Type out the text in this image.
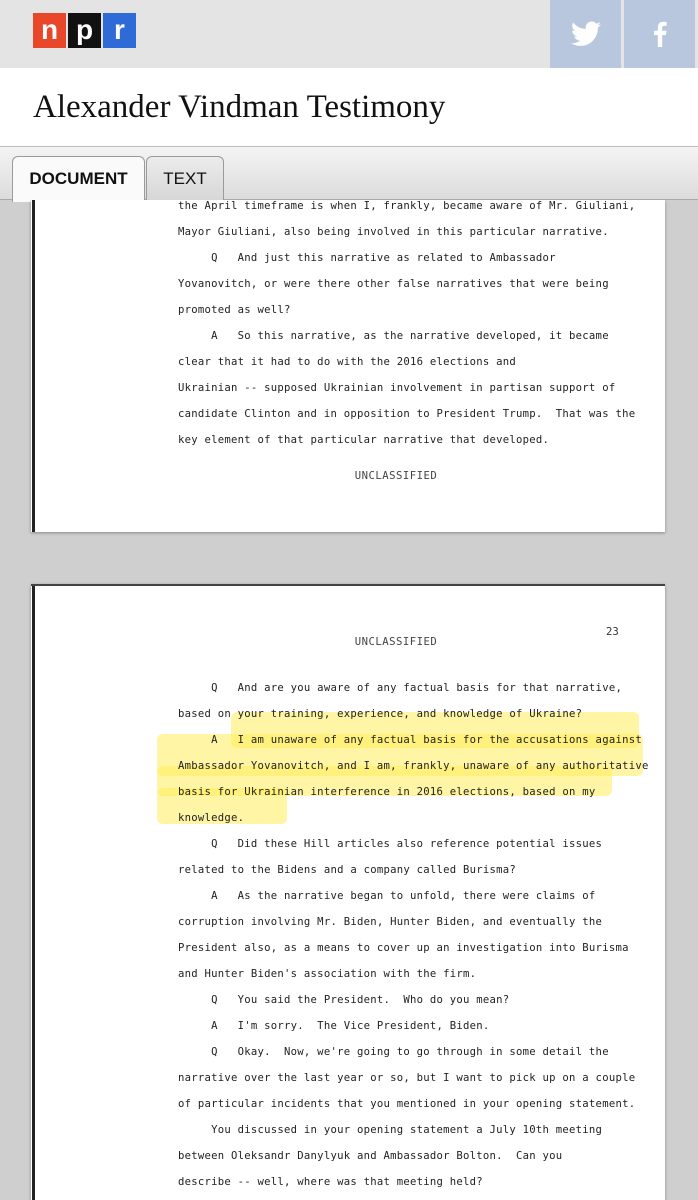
n p r
Alexander Vindman Testimony
DOCUMENT	TEXT
the April timeframe is when I, frankly, became aware of Mr. Giuliani,
Mayor Giuliani, also being involved in this particular narrative.
Q   And just this narrative as related to Ambassador
Yovanovitch, or were there other false narratives that were being
promoted as well?
A   So this narrative, as the narrative developed, it became
clear that it had to do with the 2016 elections and
Ukrainian -- supposed Ukrainian involvement in partisan support of
candidate Clinton and in opposition to President Trump.  That was the
key element of that particular narrative that developed.
UNCLASSIFIED
UNCLASSIFIED
23
Q   And are you aware of any factual basis for that narrative,
based on your training, experience, and knowledge of Ukraine?
A   I am unaware of any factual basis for the accusations against
Ambassador Yovanovitch, and I am, frankly, unaware of any authoritative
basis for Ukrainian interference in 2016 elections, based on my
knowledge.
Q   Did these Hill articles also reference potential issues
related to the Bidens and a company called Burisma?
A   As the narrative began to unfold, there were claims of
corruption involving Mr. Biden, Hunter Biden, and eventually the
President also, as a means to cover up an investigation into Burisma
and Hunter Biden's association with the firm.
Q   You said the President.  Who do you mean?
A   I'm sorry.  The Vice President, Biden.
Q   Okay.  Now, we're going to go through in some detail the
narrative over the last year or so, but I want to pick up on a couple
of particular incidents that you mentioned in your opening statement.
You discussed in your opening statement a July 10th meeting
between Oleksandr Danylyuk and Ambassador Bolton.  Can you
describe -- well, where was that meeting held?
